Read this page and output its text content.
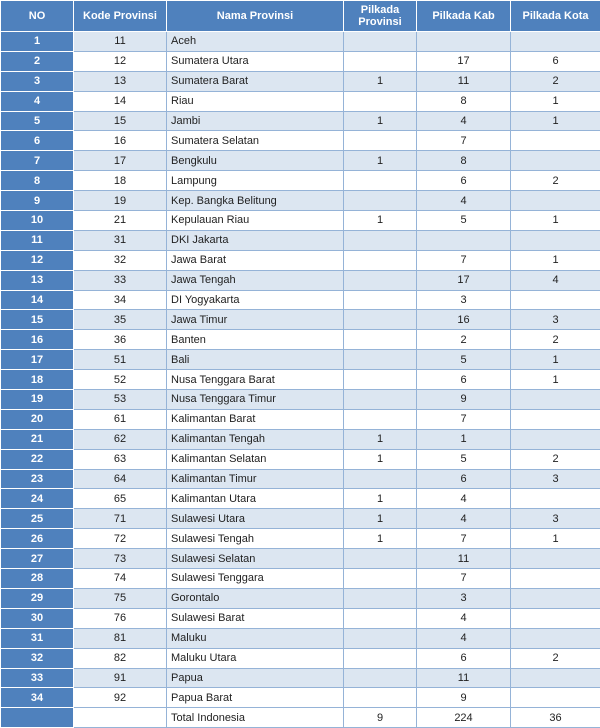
NO	Kode Provinsi	Nama Provinsi	Pilkada
Provinsi	Pilkada Kab	Pilkada Kota
1	11	Aceh			
2	12	Sumatera Utara		17	6
3	13	Sumatera Barat	1	11	2
4	14	Riau		8	1
5	15	Jambi	1	4	1
6	16	Sumatera Selatan		7	
7	17	Bengkulu	1	8	
8	18	Lampung		6	2
9	19	Kep. Bangka Belitung		4	
10	21	Kepulauan Riau	1	5	1
11	31	DKI Jakarta			
12	32	Jawa Barat		7	1
13	33	Jawa Tengah		17	4
14	34	DI Yogyakarta		3	
15	35	Jawa Timur		16	3
16	36	Banten		2	2
17	51	Bali		5	1
18	52	Nusa Tenggara Barat		6	1
19	53	Nusa Tenggara Timur		9	
20	61	Kalimantan Barat		7	
21	62	Kalimantan Tengah	1	1	
22	63	Kalimantan Selatan	1	5	2
23	64	Kalimantan Timur		6	3
24	65	Kalimantan Utara	1	4	
25	71	Sulawesi Utara	1	4	3
26	72	Sulawesi Tengah	1	7	1
27	73	Sulawesi Selatan		11	
28	74	Sulawesi Tenggara		7	
29	75	Gorontalo		3	
30	76	Sulawesi Barat		4	
31	81	Maluku		4	
32	82	Maluku Utara		6	2
33	91	Papua		11	
34	92	Papua Barat		9	
		Total Indonesia	9	224	36
